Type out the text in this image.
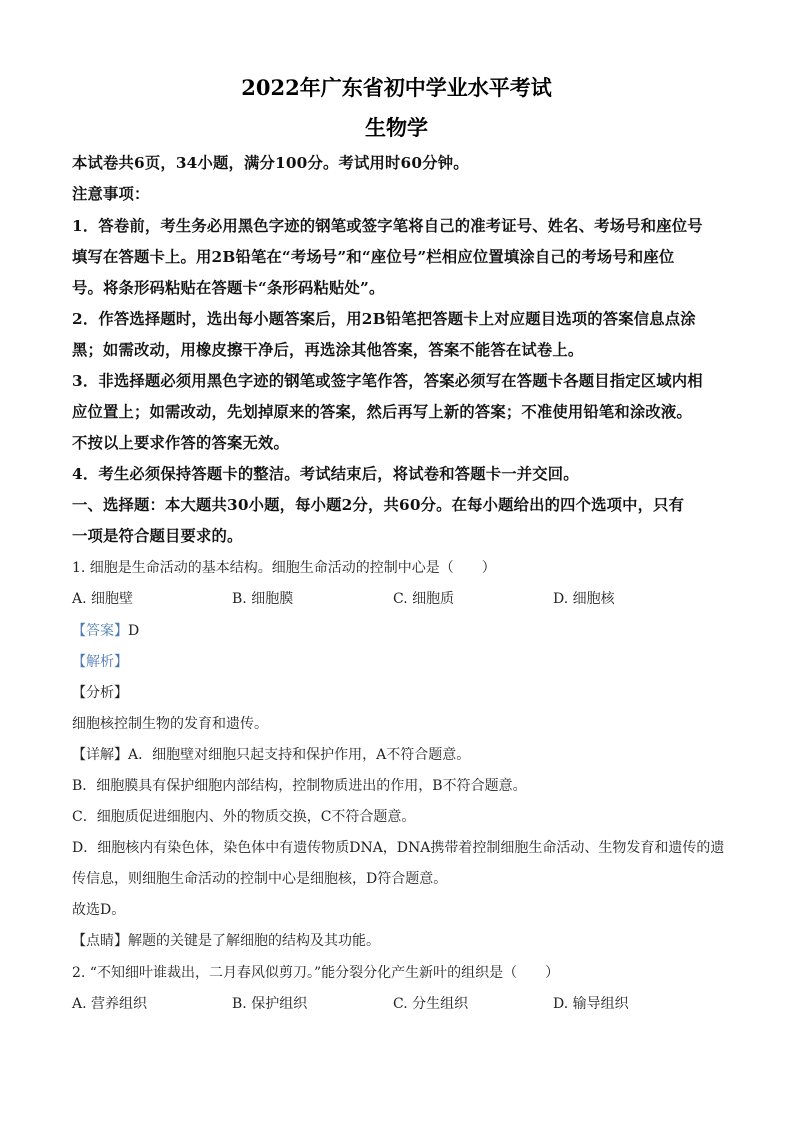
2022年广东省初中学业水平考试
生物学
本试卷共6页，34小题，满分100分。考试用时60分钟。
注意事项：
1．答卷前，考生务必用黑色字迹的钢笔或签字笔将自己的准考证号、姓名、考场号和座位号
填写在答题卡上。用2B铅笔在“考场号”和“座位号”栏相应位置填涂自己的考场号和座位
号。将条形码粘贴在答题卡“条形码粘贴处”。
2．作答选择题时，选出每小题答案后，用2B铅笔把答题卡上对应题目选项的答案信息点涂
黑；如需改动，用橡皮擦干净后，再选涂其他答案，答案不能答在试卷上。
3．非选择题必须用黑色字迹的钢笔或签字笔作答，答案必须写在答题卡各题目指定区域内相
应位置上；如需改动，先划掉原来的答案，然后再写上新的答案；不准使用铅笔和涂改液。
不按以上要求作答的答案无效。
4．考生必须保持答题卡的整洁。考试结束后，将试卷和答题卡一并交回。
一、选择题：本大题共30小题，每小题2分，共60分。在每小题给出的四个选项中，只有
一项是符合题目要求的。
1. 细胞是生命活动的基本结构。细胞生命活动的控制中心是（　　）
A. 细胞壁	B. 细胞膜	C. 细胞质	D. 细胞核
【答案】D
【解析】
【分析】
细胞核控制生物的发育和遗传。
【详解】A．细胞壁对细胞只起支持和保护作用，A不符合题意。
B．细胞膜具有保护细胞内部结构，控制物质进出的作用，B不符合题意。
C．细胞质促进细胞内、外的物质交换，C不符合题意。
D．细胞核内有染色体，染色体中有遗传物质DNA，DNA携带着控制细胞生命活动、生物发育和遗传的遗
传信息，则细胞生命活动的控制中心是细胞核，D符合题意。
故选D。
【点睛】解题的关键是了解细胞的结构及其功能。
2. “不知细叶谁裁出，二月春风似剪刀。”能分裂分化产生新叶的组织是（　　）
A. 营养组织	B. 保护组织	C. 分生组织	D. 输导组织
